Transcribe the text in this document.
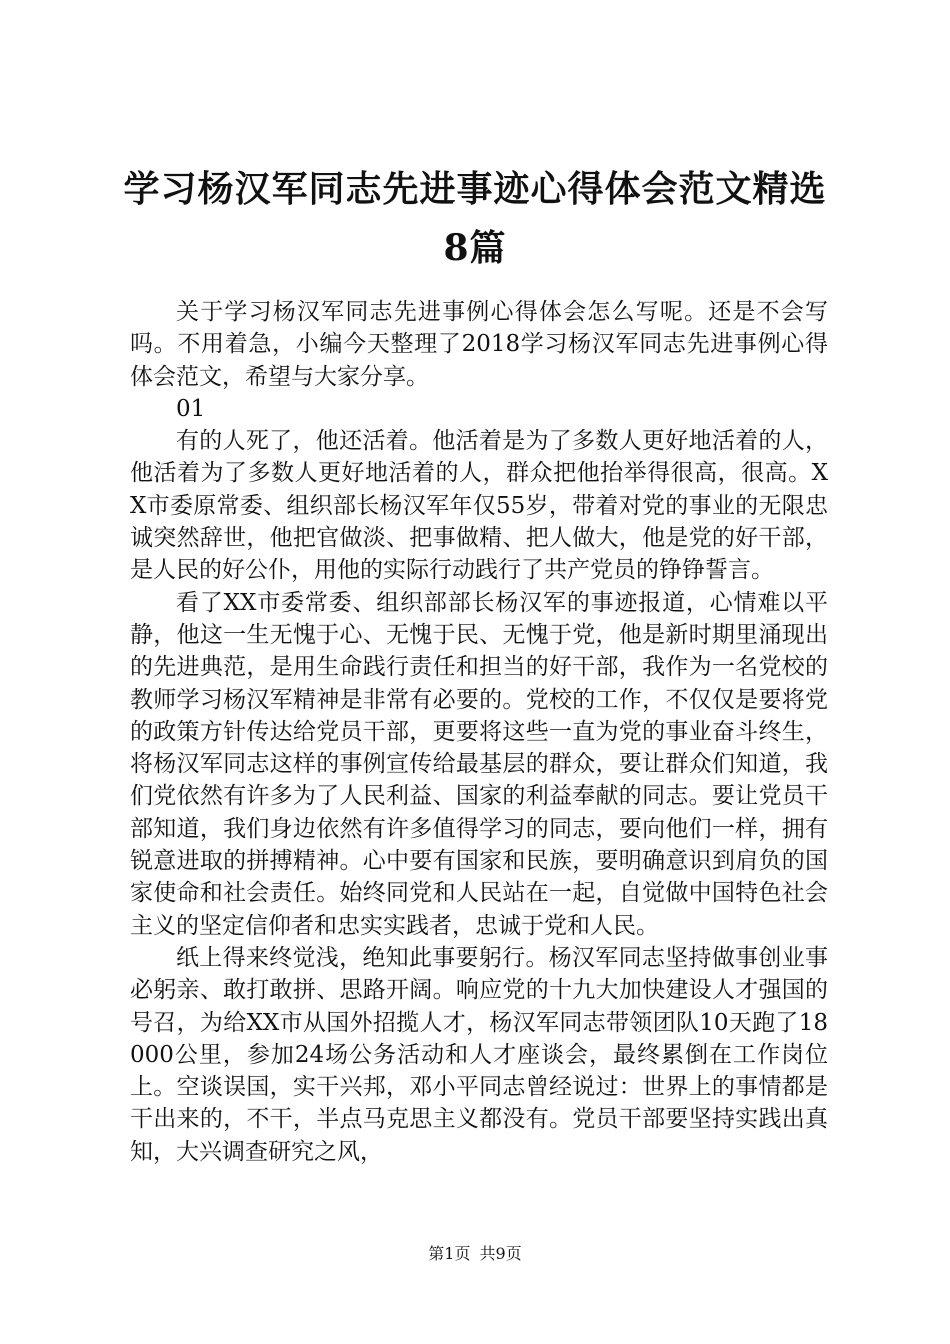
学习杨汉军同志先进事迹心得体会范文精选8篇

关于学习杨汉军同志先进事例心得体会怎么写呢。还是不会写吗。不用着急，小编今天整理了2018学习杨汉军同志先进事例心得体会范文，希望与大家分享。

01

有的人死了，他还活着。他活着是为了多数人更好地活着的人，他活着为了多数人更好地活着的人，群众把他抬举得很高，很高。XX市委原常委、组织部长杨汉军年仅55岁，带着对党的事业的无限忠诚突然辞世，他把官做淡、把事做精、把人做大，他是党的好干部，是人民的好公仆，用他的实际行动践行了共产党员的铮铮誓言。

看了XX市委常委、组织部部长杨汉军的事迹报道，心情难以平静，他这一生无愧于心、无愧于民、无愧于党，他是新时期里涌现出的先进典范，是用生命践行责任和担当的好干部，我作为一名党校的教师学习杨汉军精神是非常有必要的。党校的工作，不仅仅是要将党的政策方针传达给党员干部，更要将这些一直为党的事业奋斗终生，将杨汉军同志这样的事例宣传给最基层的群众，要让群众们知道，我们党依然有许多为了人民利益、国家的利益奉献的同志。要让党员干部知道，我们身边依然有许多值得学习的同志，要向他们一样，拥有锐意进取的拼搏精神。心中要有国家和民族，要明确意识到肩负的国家使命和社会责任。始终同党和人民站在一起，自觉做中国特色社会主义的坚定信仰者和忠实实践者，忠诚于党和人民。

纸上得来终觉浅，绝知此事要躬行。杨汉军同志坚持做事创业事必躬亲、敢打敢拼、思路开阔。响应党的十九大加快建设人才强国的号召，为给XX市从国外招揽人才，杨汉军同志带领团队10天跑了18000公里，参加24场公务活动和人才座谈会，最终累倒在工作岗位上。空谈误国，实干兴邦，邓小平同志曾经说过：世界上的事情都是干出来的，不干，半点马克思主义都没有。党员干部要坚持实践出真知，大兴调查研究之风，

第1页 共9页
